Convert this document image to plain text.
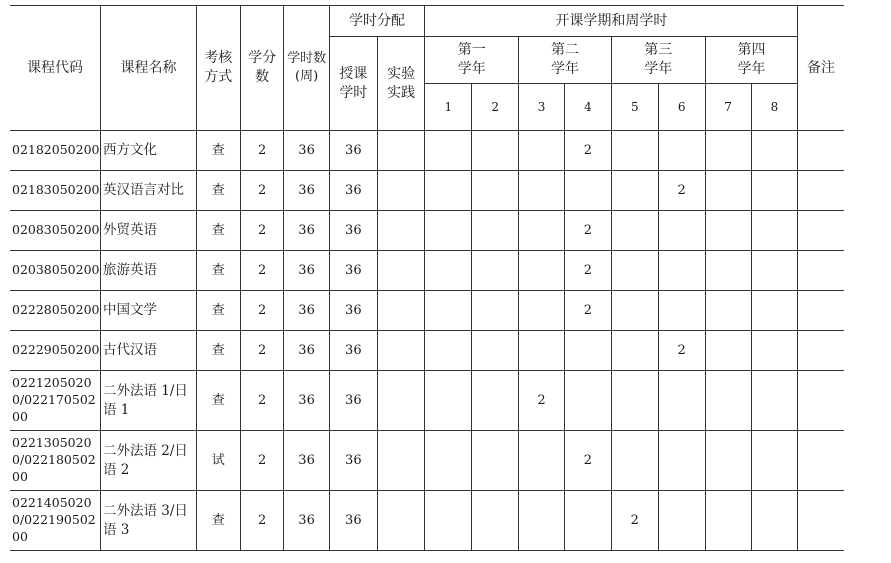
课程代码	课程名称	考核方式	学分数	学时数(周)	学时分配		开课学期和周学时								备注

					授课学时	实验实践	第一学年		第二学年		第三学年		第四学年		

							1	2	3	4	5	6	7	8	

02182050200	西方文化	查	2	36	36					2					

02183050200	英汉语言对比	查	2	36	36							2			

02083050200	外贸英语	查	2	36	36					2					

02038050200	旅游英语	查	2	36	36					2					

02228050200	中国文学	查	2	36	36					2					

02229050200	古代汉语	查	2	36	36							2			

02212050200/02217050200	二外法语 1/日语 1	查	2	36	36				2						

02213050200/02218050200	二外法语 2/日语 2	试	2	36	36					2					

02214050200/02219050200	二外法语 3/日语 3	查	2	36	36						2				
